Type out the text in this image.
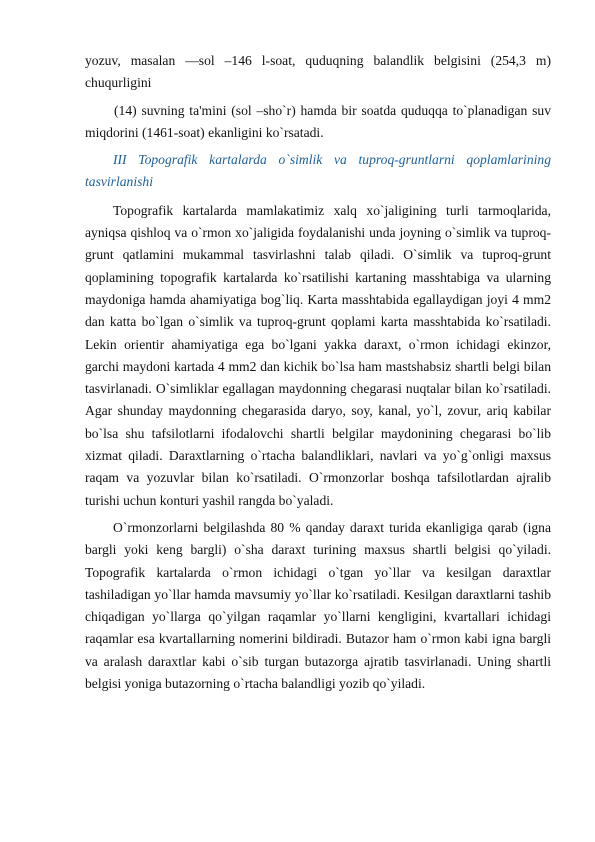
yozuv, masalan —sol –146 l-soat, quduqning balandlik belgisini (254,3 m) chuqurligini

(14) suvning ta'mini (sol –sho`r) hamda bir soatda quduqqa to`planadigan suv miqdorini (1461-soat) ekanligini ko`rsatadi.

III Topografik kartalarda o`simlik va tuproq-gruntlarni qoplamlarining tasvirlanishi

Topografik kartalarda mamlakatimiz xalq xo`jaligining turli tarmoqlarida, ayniqsa qishloq va o`rmon xo`jaligida foydalanishi unda joyning o`simlik va tuproq-grunt qatlamini mukammal tasvirlashni talab qiladi. O`simlik va tuproq-grunt qoplamining topografik kartalarda ko`rsatilishi kartaning masshtabiga va ularning maydoniga hamda ahamiyatiga bog`liq. Karta masshtabida egallaydigan joyi 4 mm2 dan katta bo`lgan o`simlik va tuproq-grunt qoplami karta masshtabida ko`rsatiladi. Lekin orientir ahamiyatiga ega bo`lgani yakka daraxt, o`rmon ichidagi ekinzor, garchi maydoni kartada 4 mm2 dan kichik bo`lsa ham mastshabsiz shartli belgi bilan tasvirlanadi. O`simliklar egallagan maydonning chegarasi nuqtalar bilan ko`rsatiladi. Agar shunday maydonning chegarasida daryo, soy, kanal, yo`l, zovur, ariq kabilar bo`lsa shu tafsilotlarni ifodalovchi shartli belgilar maydonining chegarasi bo`lib xizmat qiladi. Daraxtlarning o`rtacha balandliklari, navlari va yo`g`onligi maxsus raqam va yozuvlar bilan ko`rsatiladi. O`rmonzorlar boshqa tafsilotlardan ajralib turishi uchun konturi yashil rangda bo`yaladi.

O`rmonzorlarni belgilashda 80 % qanday daraxt turida ekanligiga qarab (igna bargli yoki keng bargli) o`sha daraxt turining maxsus shartli belgisi qo`yiladi. Topografik kartalarda o`rmon ichidagi o`tgan yo`llar va kesilgan daraxtlar tashiladigan yo`llar hamda mavsumiy yo`llar ko`rsatiladi. Kesilgan daraxtlarni tashib chiqadigan yo`llarga qo`yilgan raqamlar yo`llarni kengligini, kvartallari ichidagi raqamlar esa kvartallarning nomerini bildiradi. Butazor ham o`rmon kabi igna bargli va aralash daraxtlar kabi o`sib turgan butazorga ajratib tasvirlanadi. Uning shartli belgisi yoniga butazorning o`rtacha balandligi yozib qo`yiladi.
